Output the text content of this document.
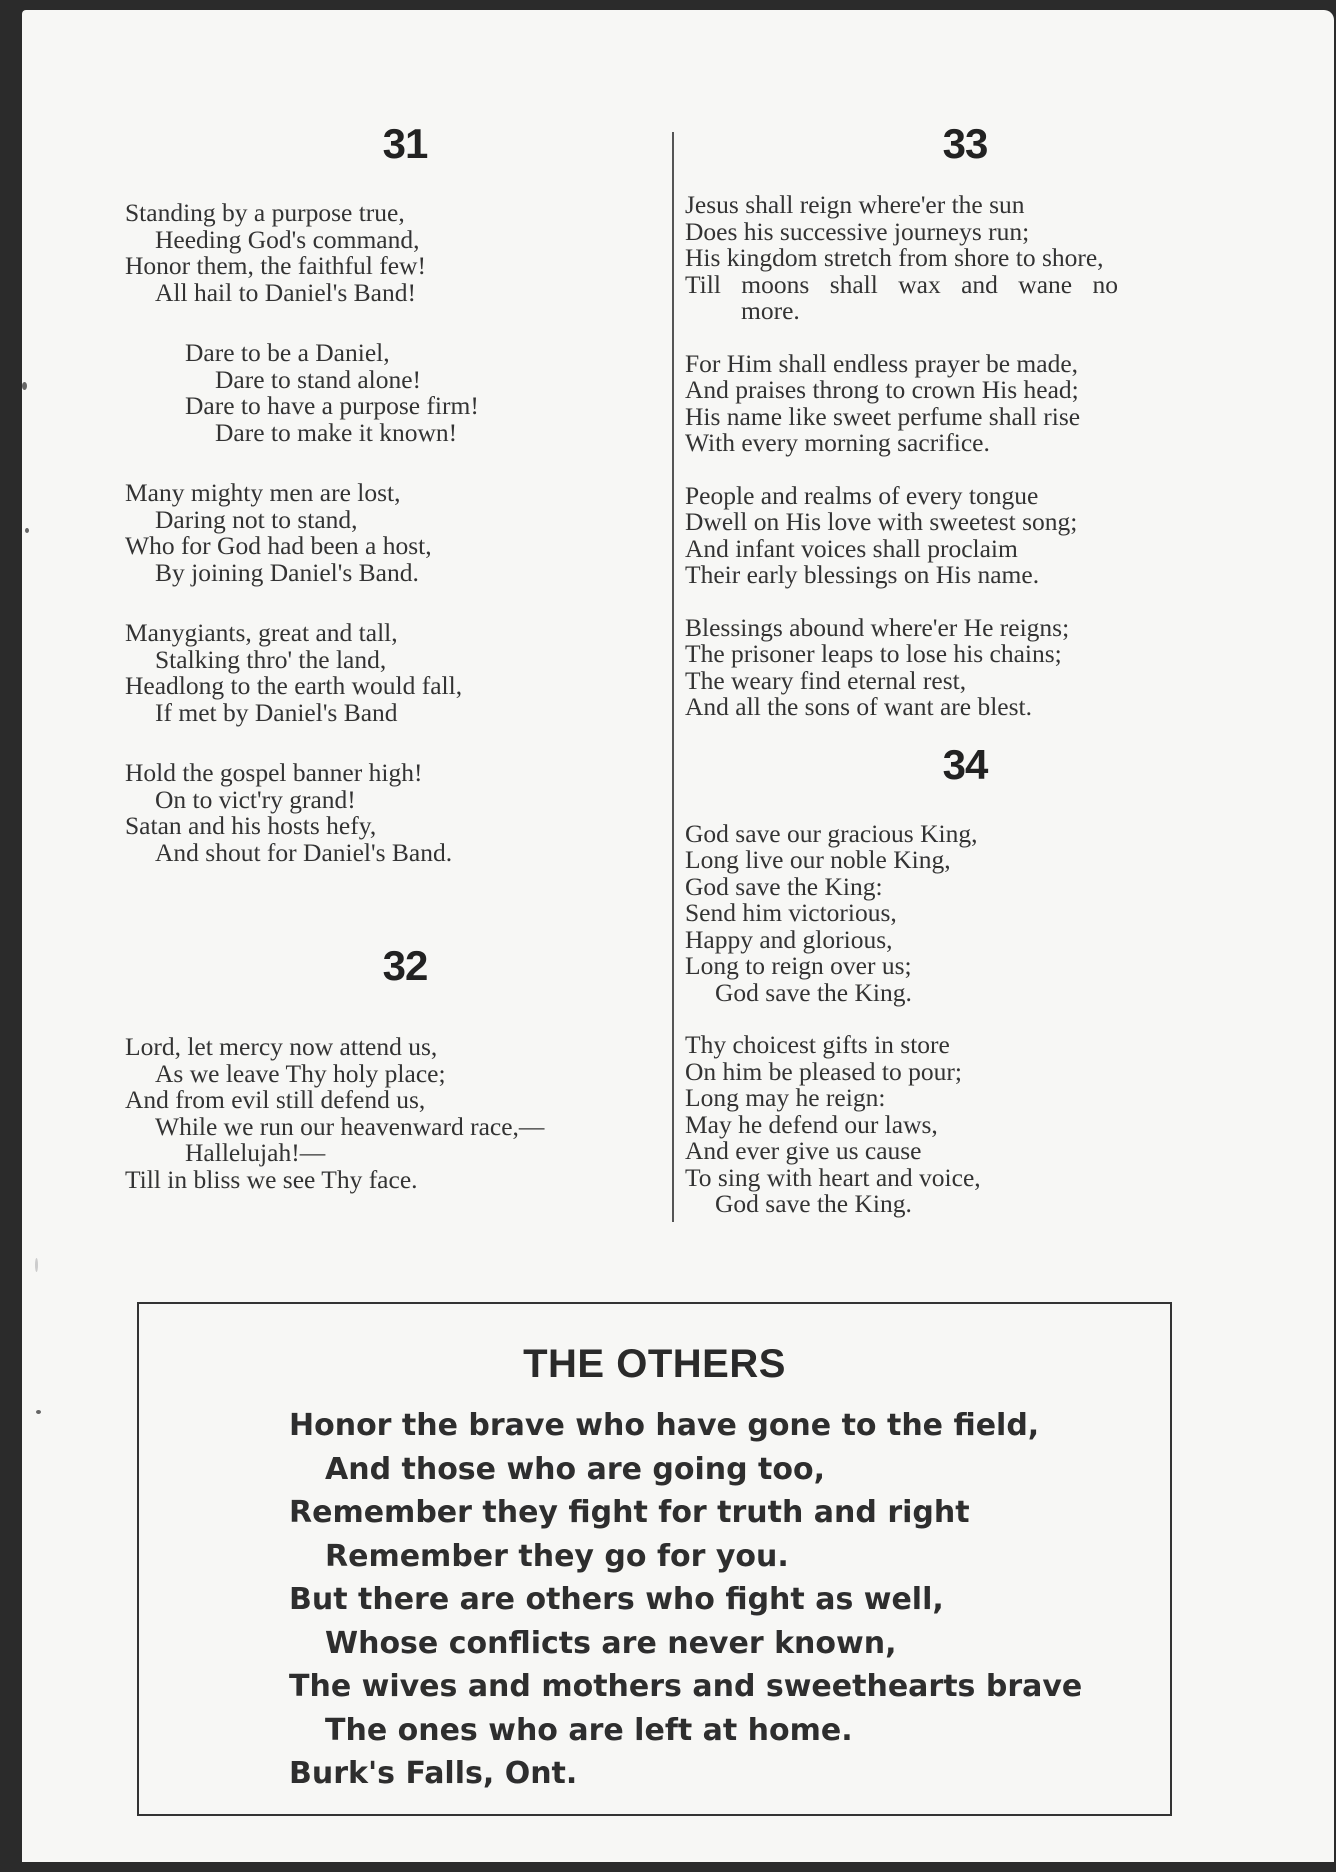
31
Standing by a purpose true,
Heeding God's command,
Honor them, the faithful few!
All hail to Daniel's Band!
Dare to be a Daniel,
Dare to stand alone!
Dare to have a purpose firm!
Dare to make it known!
Many mighty men are lost,
Daring not to stand,
Who for God had been a host,
By joining Daniel's Band.
Manygiants, great and tall,
Stalking thro' the land,
Headlong to the earth would fall,
If met by Daniel's Band
Hold the gospel banner high!
On to vict'ry grand!
Satan and his hosts hefy,
And shout for Daniel's Band.
32
Lord, let mercy now attend us,
As we leave Thy holy place;
And from evil still defend us,
While we run our heavenward race,—
Hallelujah!—
Till in bliss we see Thy face.
33
Jesus shall reign where'er the sun
Does his successive journeys run;
His kingdom stretch from shore to shore,
Till moons shall wax and wane no
more.
For Him shall endless prayer be made,
And praises throng to crown His head;
His name like sweet perfume shall rise
With every morning sacrifice.
People and realms of every tongue
Dwell on His love with sweetest song;
And infant voices shall proclaim
Their early blessings on His name.
Blessings abound where'er He reigns;
The prisoner leaps to lose his chains;
The weary find eternal rest,
And all the sons of want are blest.
34
God save our gracious King,
Long live our noble King,
God save the King:
Send him victorious,
Happy and glorious,
Long to reign over us;
God save the King.
Thy choicest gifts in store
On him be pleased to pour;
Long may he reign:
May he defend our laws,
And ever give us cause
To sing with heart and voice,
God save the King.
THE OTHERS
Honor the brave who have gone to the field,
And those who are going too,
Remember they fight for truth and right
Remember they go for you.
But there are others who fight as well,
Whose conflicts are never known,
The wives and mothers and sweethearts brave
The ones who are left at home.
Burk's Falls, Ont.
